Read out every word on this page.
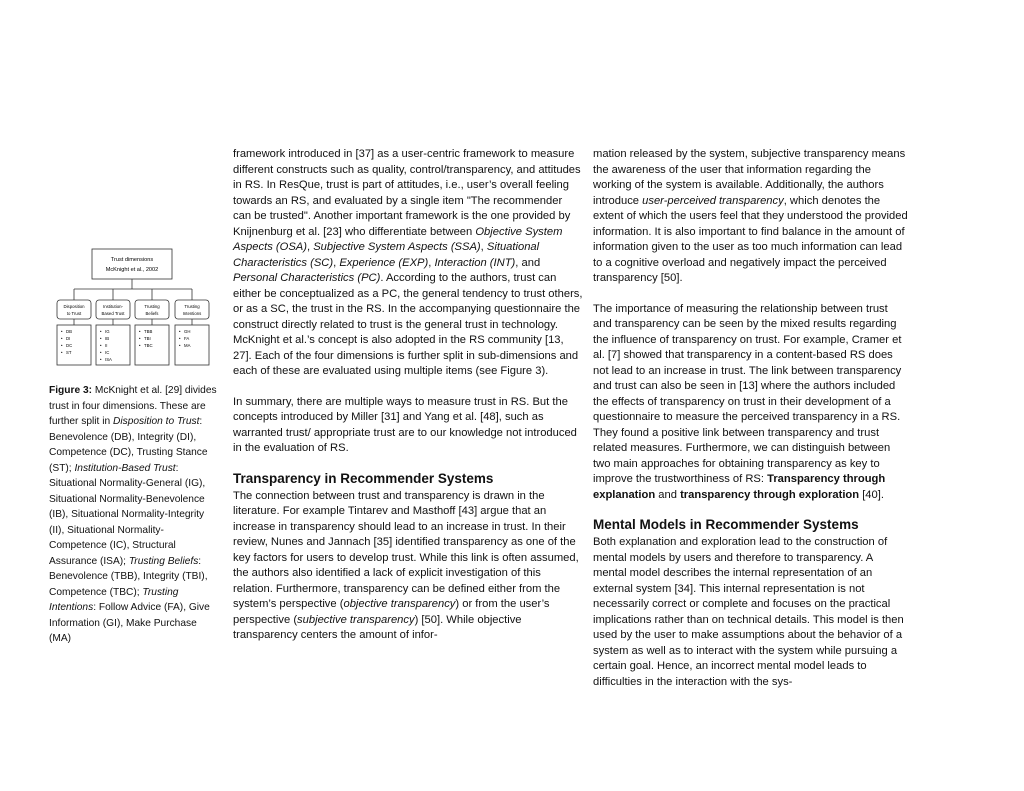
Trust dimensions
McKnight et al., 2002
Disposition
to Trust
DB
DI
DC
ST
•
•
•
•
Institution-
Based Trust
IG
IB
II
IC
ISA
•
•
•
•
•
Trusting
Beliefs
TBB
TBI
TBC
•
•
•
Trusting
Intentions
GH
FA
MA
•
•
•
Figure 3: McKnight et al. [29] divides trust in four dimensions. These are further split in Disposition to Trust: Benevolence (DB), Integrity (DI), Competence (DC), Trusting Stance (ST); Institution-Based Trust: Situational Normality-General (IG), Situational Normality-Benevolence (IB), Situational Normality-Integrity (II), Situational Normality-Competence (IC), Structural Assurance (ISA); Trusting Beliefs: Benevolence (TBB), Integrity (TBI), Competence (TBC); Trusting Intentions: Follow Advice (FA), Give Information (GI), Make Purchase (MA)

framework introduced in [37] as a user-centric framework to measure different constructs such as quality, control/transparency, and attitudes in RS. In ResQue, trust is part of attitudes, i.e., user’s overall feeling towards an RS, and evaluated by a single item "The recommender can be trusted". Another important framework is the one provided by Knijnenburg et al. [23] who differentiate between Objective System Aspects (OSA), Subjective System Aspects (SSA), Situational Characteristics (SC), Experience (EXP), Interaction (INT), and Personal Characteristics (PC). According to the authors, trust can either be conceptualized as a PC, the general tendency to trust others, or as a SC, the trust in the RS. In the accompanying questionnaire the construct directly related to trust is the general trust in technology. McKnight et al.’s concept is also adopted in the RS community [13, 27]. Each of the four dimensions is further split in sub-dimensions and each of these are evaluated using multiple items (see Figure 3).

In summary, there are multiple ways to measure trust in RS. But the concepts introduced by Miller [31] and Yang et al. [48], such as warranted trust/ appropriate trust are to our knowledge not introduced in the evaluation of RS.

Transparency in Recommender Systems

The connection between trust and transparency is drawn in the literature. For example Tintarev and Masthoff [43] argue that an increase in transparency should lead to an increase in trust. In their review, Nunes and Jannach [35] identified transparency as one of the key factors for users to develop trust. While this link is often assumed, the authors also identified a lack of explicit investigation of this relation. Furthermore, transparency can be defined either from the system’s perspective (objective transparency) or from the user’s perspective (subjective transparency) [50]. While objective transparency centers the amount of infor-

mation released by the system, subjective transparency means the awareness of the user that information regarding the working of the system is available. Additionally, the authors introduce user-perceived transparency, which denotes the extent of which the users feel that they understood the provided information. It is also important to find balance in the amount of information given to the user as too much information can lead to a cognitive overload and negatively impact the perceived transparency [50].

The importance of measuring the relationship between trust and transparency can be seen by the mixed results regarding the influence of transparency on trust. For example, Cramer et al. [7] showed that transparency in a content-based RS does not lead to an increase in trust. The link between transparency and trust can also be seen in [13] where the authors included the effects of transparency on trust in their development of a questionnaire to measure the perceived transparency in a RS. They found a positive link between transparency and trust related measures. Furthermore, we can distinguish between two main approaches for obtaining transparency as key to improve the trustworthiness of RS: Transparency through explanation and transparency through exploration [40].

Mental Models in Recommender Systems

Both explanation and exploration lead to the construction of mental models by users and therefore to transparency. A mental model describes the internal representation of an external system [34]. This internal representation is not necessarily correct or complete and focuses on the practical implications rather than on technical details. This model is then used by the user to make assumptions about the behavior of a system as well as to interact with the system while pursuing a certain goal. Hence, an incorrect mental model leads to difficulties in the interaction with the sys-
